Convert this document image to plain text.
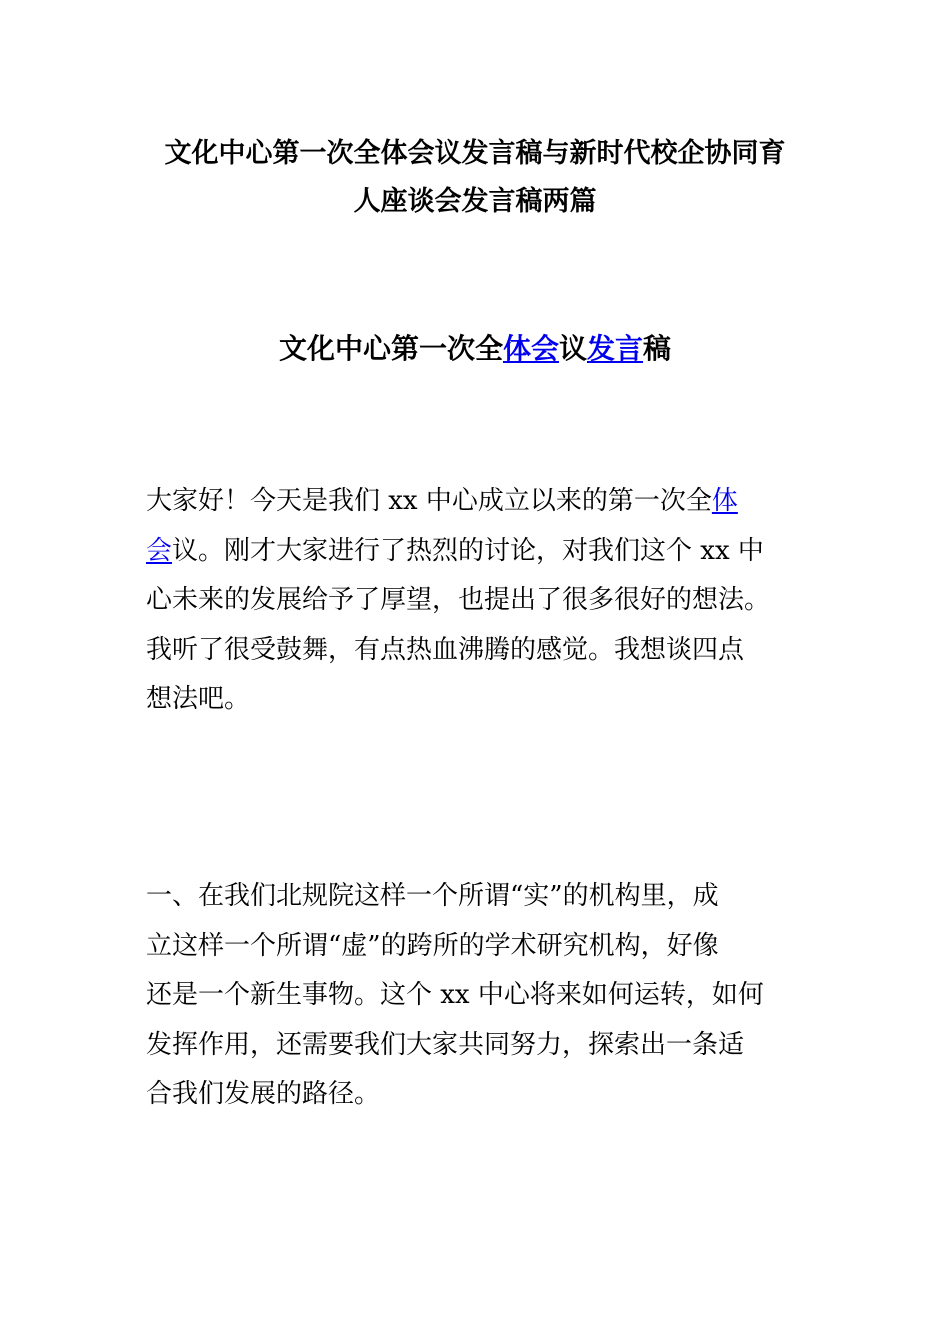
文化中心第一次全体会议发言稿与新时代校企协同育
人座谈会发言稿两篇
文化中心第一次全体会议发言稿

大家好！今天是我们 xx 中心成立以来的第一次全体
会议。刚才大家进行了热烈的讨论，对我们这个 xx 中
心未来的发展给予了厚望，也提出了很多很好的想法。
我听了很受鼓舞，有点热血沸腾的感觉。我想谈四点
想法吧。

一、在我们北规院这样一个所谓“实”的机构里，成
立这样一个所谓“虚”的跨所的学术研究机构，好像
还是一个新生事物。这个 xx 中心将来如何运转，如何
发挥作用，还需要我们大家共同努力，探索出一条适
合我们发展的路径。
